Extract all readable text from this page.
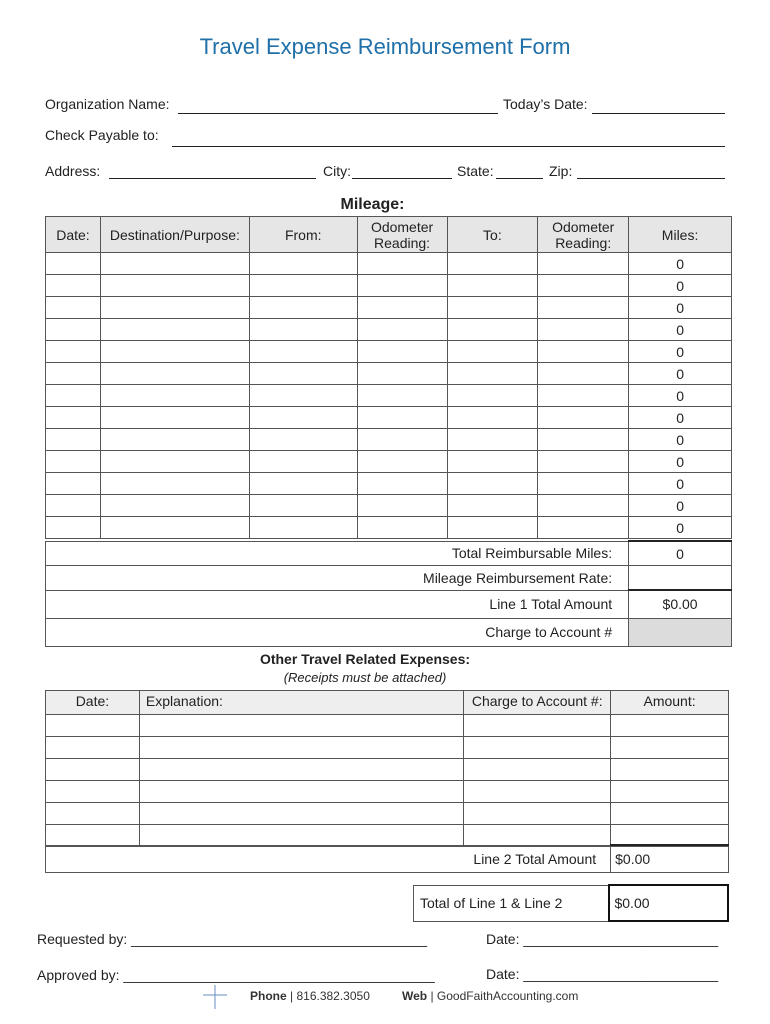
Travel Expense Reimbursement Form
Organization Name:	Today’s Date:
Check Payable to:
Address:	City:	State:	Zip:
Mileage:
Date:	Destination/Purpose:	From:	Odometer Reading:	To:	Odometer Reading:	Miles:
						0
						0
						0
						0
						0
						0
						0
						0
						0
						0
						0
						0
						0
Total Reimbursable Miles:	0
Mileage Reimbursement Rate:	
Line 1 Total Amount	$0.00
Charge to Account #	
Other Travel Related Expenses:
(Receipts must be attached)
Date:	Explanation:	Charge to Account #:	Amount:

Line 2 Total Amount	$0.00
Total of Line 1 & Line 2	$0.00
Requested by: ______________________________________	Date: _________________________
Approved by: ________________________________________	Date: _________________________
Phone | 816.382.3050	Web | GoodFaithAccounting.com
